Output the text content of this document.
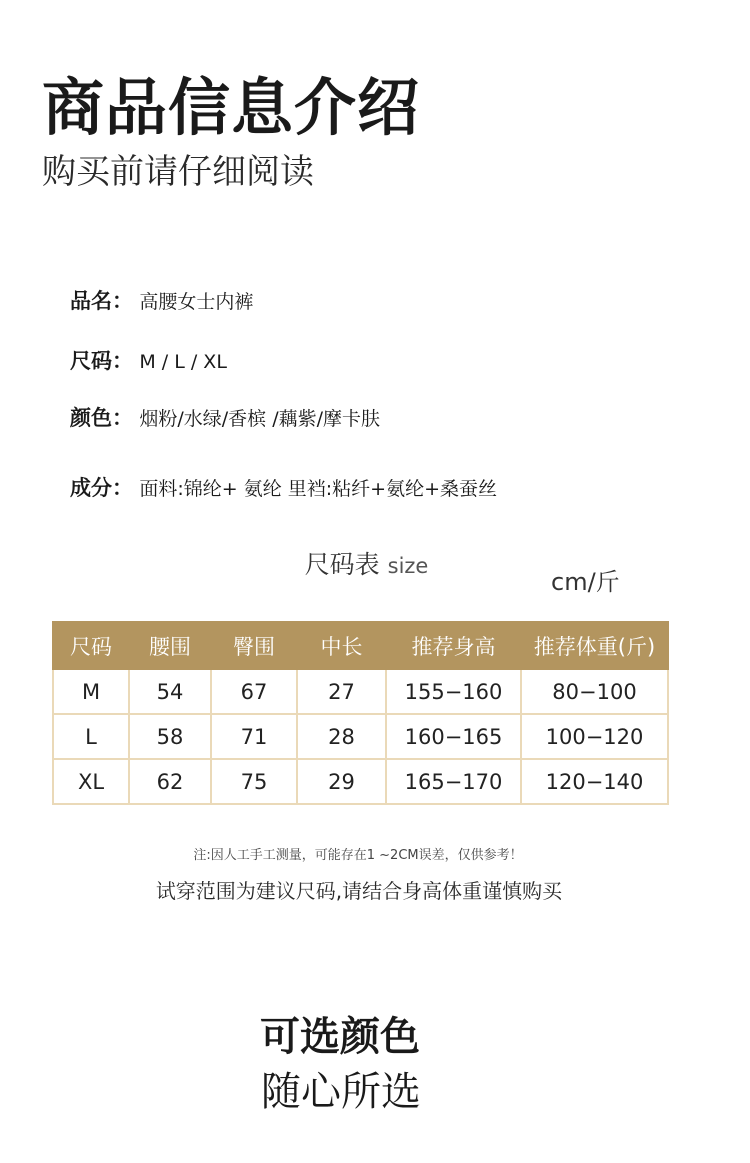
商品信息介绍
购买前请仔细阅读
品名： 高腰女士内裤
尺码： M / L / XL
颜色： 烟粉/水绿/香槟 /藕紫/摩卡肤
成分： 面料:锦纶+ 氨纶 里裆:粘纤+氨纶+桑蚕丝
尺码表 size
cm/斤
尺码	腰围	臀围	中长	推荐身高	推荐体重(斤)
M	54	67	27	155−160	80−100
L	58	71	28	160−165	100−120
XL	62	75	29	165−170	120−140
注:因人工手工测量，可能存在1 ~2CM误差，仅供参考！
试穿范围为建议尺码,请结合身高体重谨慎购买
可选颜色
随心所选
